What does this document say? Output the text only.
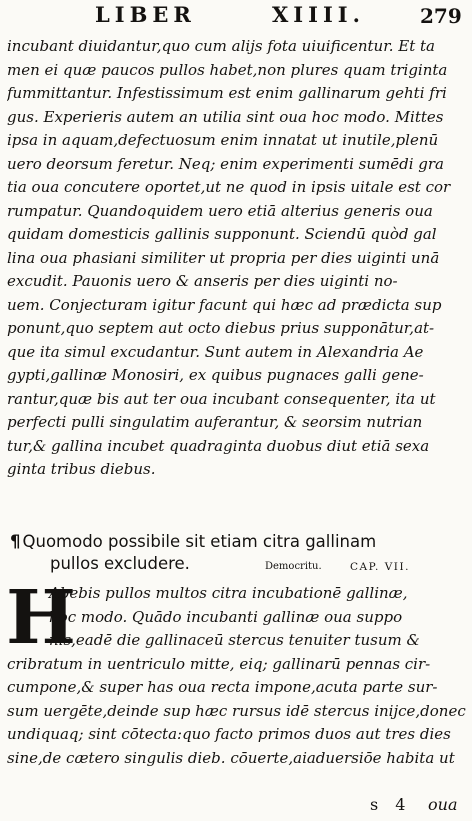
LIBER	XIIII.	279
incubant diuidantur,quo cum alijs fota uiuificentur. Et ta
men ei quæ paucos pullos habet,non plures quam triginta
fummittantur. Infestissimum est enim gallinarum gehti fri
gus. Experieris autem an utilia sint oua hoc modo. Mittes
ipsa in aquam,defectuosum enim innatat ut inutile,plenū
uero deorsum feretur. Neq; enim experimenti sumēdi gra
tia oua concutere oportet,ut ne quod in ipsis uitale est cor
rumpatur. Quandoquidem uero etiā alterius generis oua
quidam domesticis gallinis supponunt. Sciendū quòd gal
lina oua phasiani similiter ut propria per dies uiginti unā
excudit. Pauonis uero & anseris per dies uiginti no-
uem. Conjecturam igitur facunt qui hæc ad prædicta sup
ponunt,quo septem aut octo diebus prius supponātur,at-
que ita simul excudantur. Sunt autem in Alexandria Ae
gypti,gallinæ Monosiri, ex quibus pugnaces galli gene-
rantur,quæ bis aut ter oua incubant consequenter, ita ut
perfecti pulli singulatim auferantur, & seorsim nutrian
tur,& gallina incubet quadraginta duobus diut etiā sexa
ginta tribus diebus.
¶ Quomodo possibile sit etiam citra gallinam
pullos excludere.	Democritu.	CAP. VII.
H
Abebis pullos multos citra incubationē gallinæ,
hoc modo. Quādo incubanti gallinæ oua suppo
nis,eadē die gallinaceū stercus tenuiter tusum &
cribratum in uentriculo mitte, eiq; gallinarū pennas cir-
cumpone,& super has oua recta impone,acuta parte sur-
sum uergēte,deinde sup hæc rursus idē stercus inijce,donec
undiquaq; sint cōtecta:quo facto primos duos aut tres dies
sine,de cætero singulis dieb. cōuerte,aiaduersiōe habita ut
s 4 oua
